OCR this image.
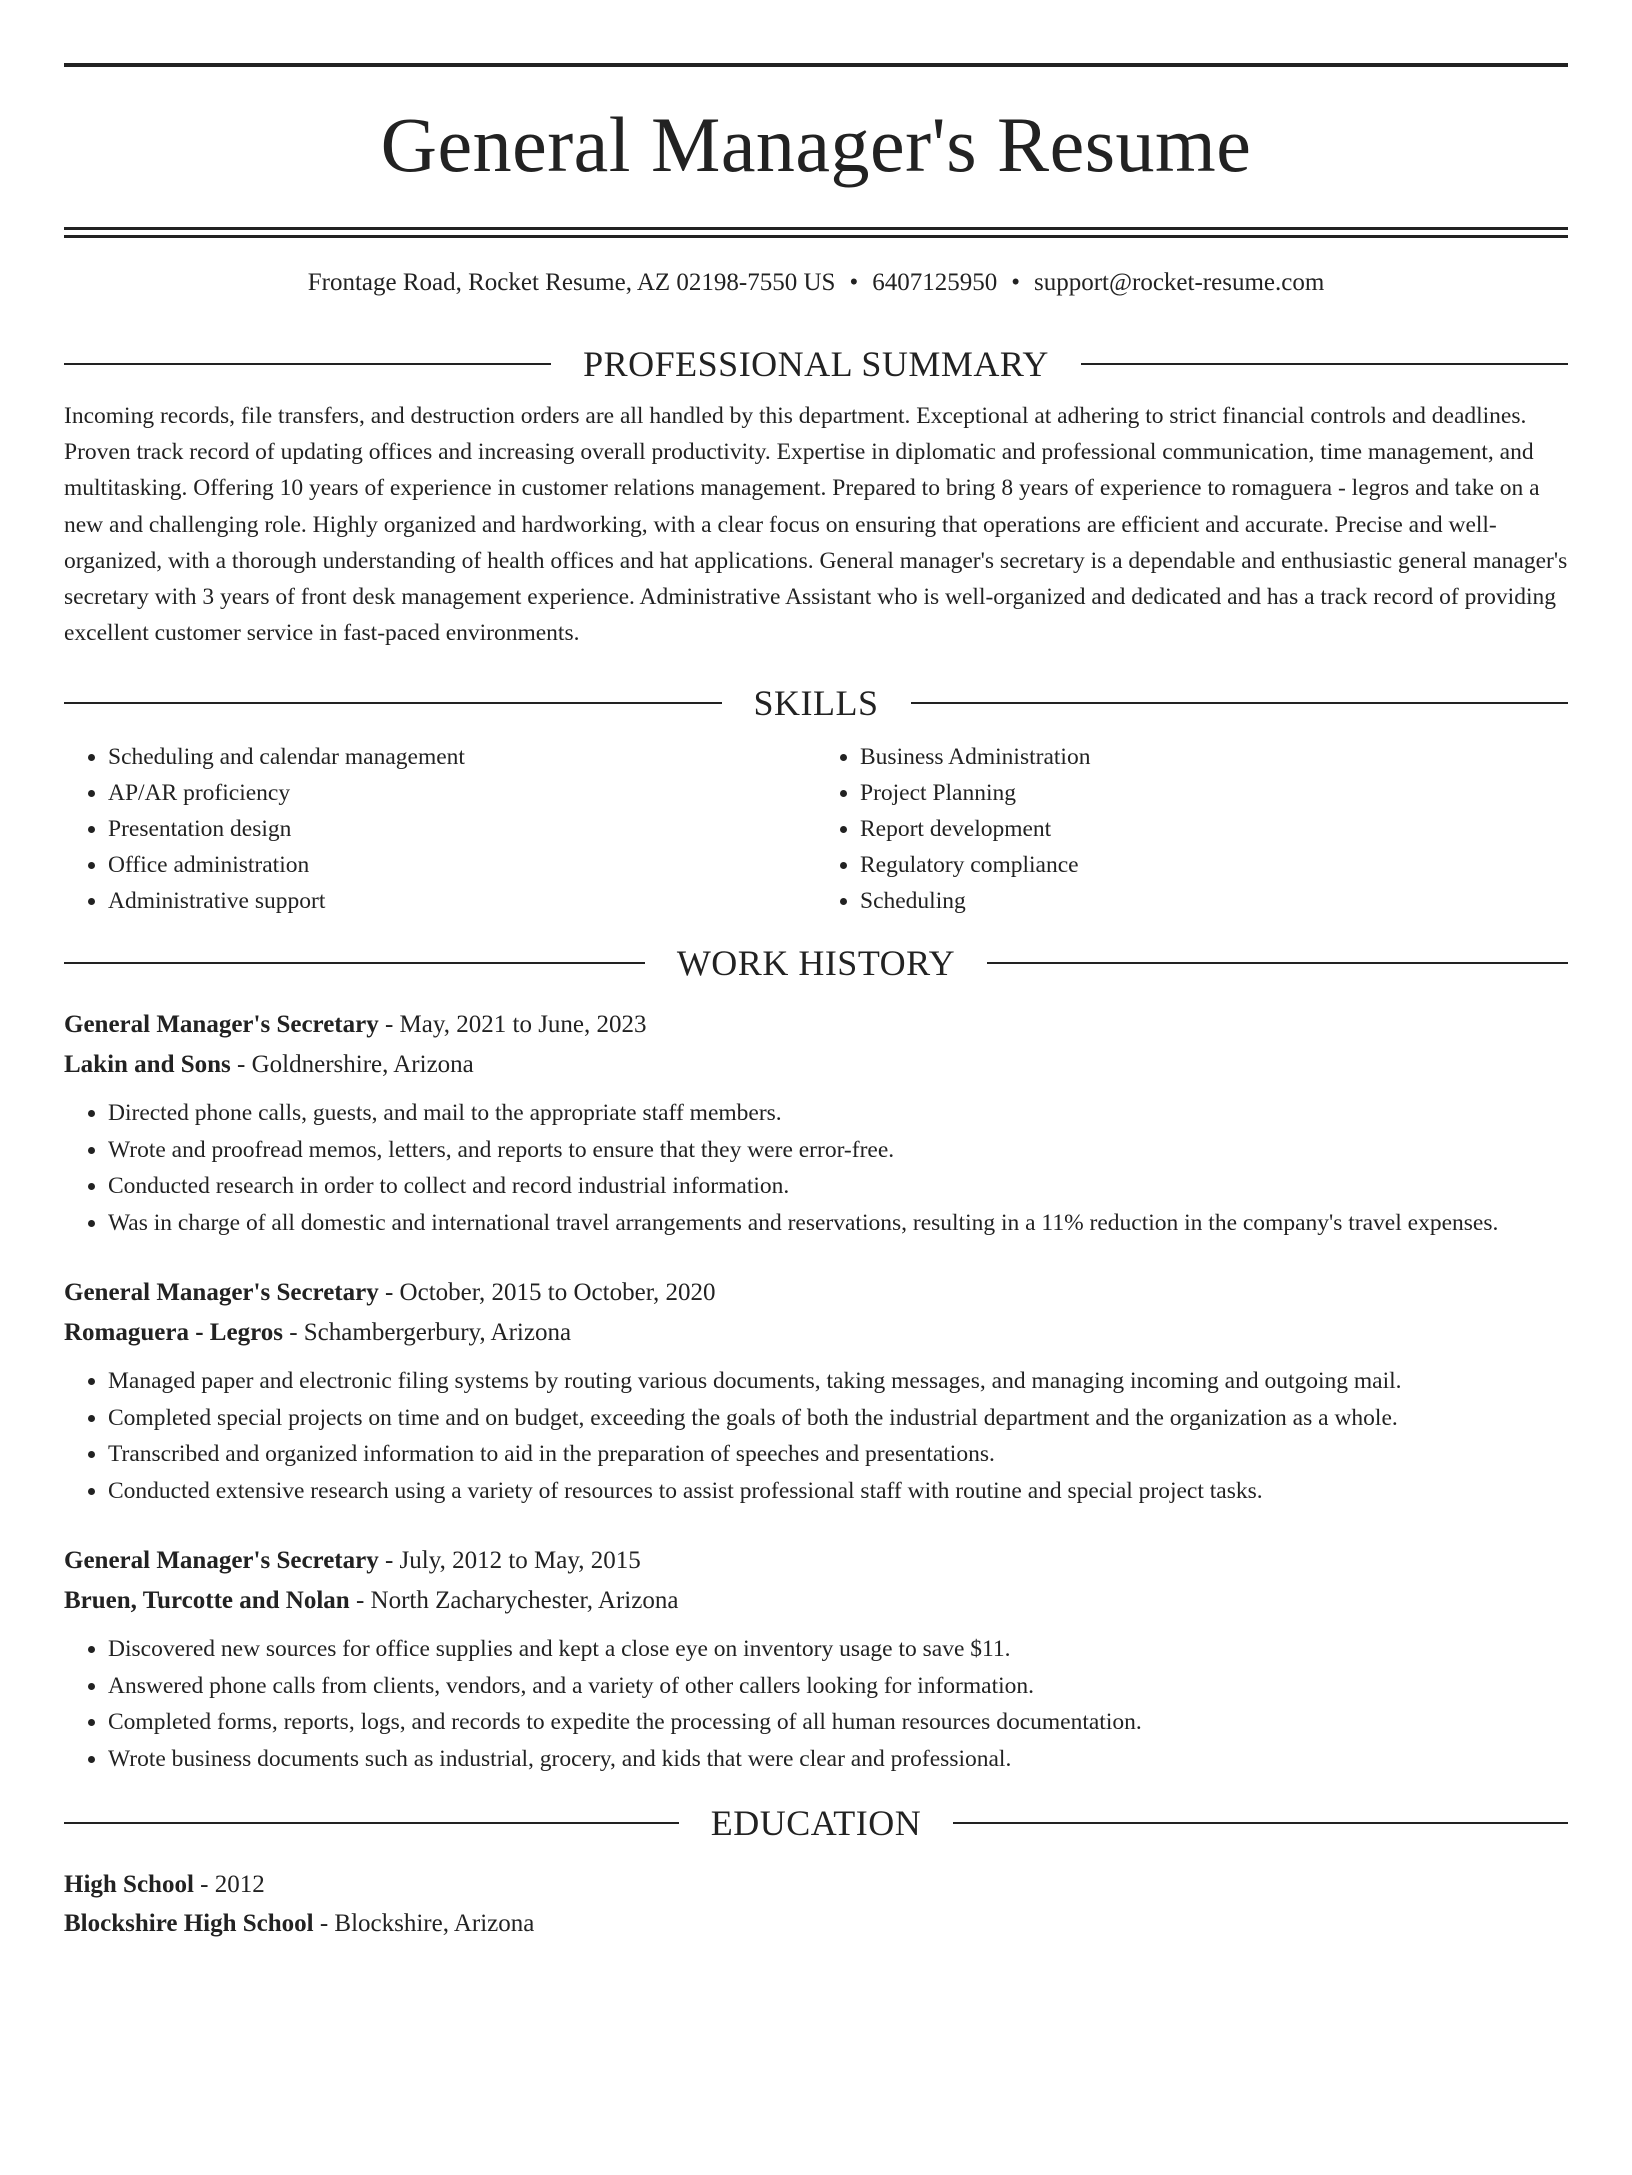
General Manager's Resume
Frontage Road, Rocket Resume, AZ 02198-7550 US • 6407125950 • support@rocket-resume.com
PROFESSIONAL SUMMARY

Incoming records, file transfers, and destruction orders are all handled by this department. Exceptional at adhering to strict financial controls and deadlines. Proven track record of updating offices and increasing overall productivity. Expertise in diplomatic and professional communication, time management, and multitasking. Offering 10 years of experience in customer relations management. Prepared to bring 8 years of experience to romaguera - legros and take on a new and challenging role. Highly organized and hardworking, with a clear focus on ensuring that operations are efficient and accurate. Precise and well-organized, with a thorough understanding of health offices and hat applications. General manager's secretary is a dependable and enthusiastic general manager's secretary with 3 years of front desk management experience. Administrative Assistant who is well-organized and dedicated and has a track record of providing excellent customer service in fast-paced environments.

SKILLS
• Scheduling and calendar management
• AP/AR proficiency
• Presentation design
• Office administration
• Administrative support
• Business Administration
• Project Planning
• Report development
• Regulatory compliance
• Scheduling
WORK HISTORY
General Manager's Secretary - May, 2021 to June, 2023
Lakin and Sons - Goldnershire, Arizona
• Directed phone calls, guests, and mail to the appropriate staff members.
• Wrote and proofread memos, letters, and reports to ensure that they were error-free.
• Conducted research in order to collect and record industrial information.
• Was in charge of all domestic and international travel arrangements and reservations, resulting in a 11% reduction in the company's travel expenses.
General Manager's Secretary - October, 2015 to October, 2020
Romaguera - Legros - Schambergerbury, Arizona
• Managed paper and electronic filing systems by routing various documents, taking messages, and managing incoming and outgoing mail.
• Completed special projects on time and on budget, exceeding the goals of both the industrial department and the organization as a whole.
• Transcribed and organized information to aid in the preparation of speeches and presentations.
• Conducted extensive research using a variety of resources to assist professional staff with routine and special project tasks.
General Manager's Secretary - July, 2012 to May, 2015
Bruen, Turcotte and Nolan - North Zacharychester, Arizona
• Discovered new sources for office supplies and kept a close eye on inventory usage to save $11.
• Answered phone calls from clients, vendors, and a variety of other callers looking for information.
• Completed forms, reports, logs, and records to expedite the processing of all human resources documentation.
• Wrote business documents such as industrial, grocery, and kids that were clear and professional.
EDUCATION
High School - 2012
Blockshire High School - Blockshire, Arizona
